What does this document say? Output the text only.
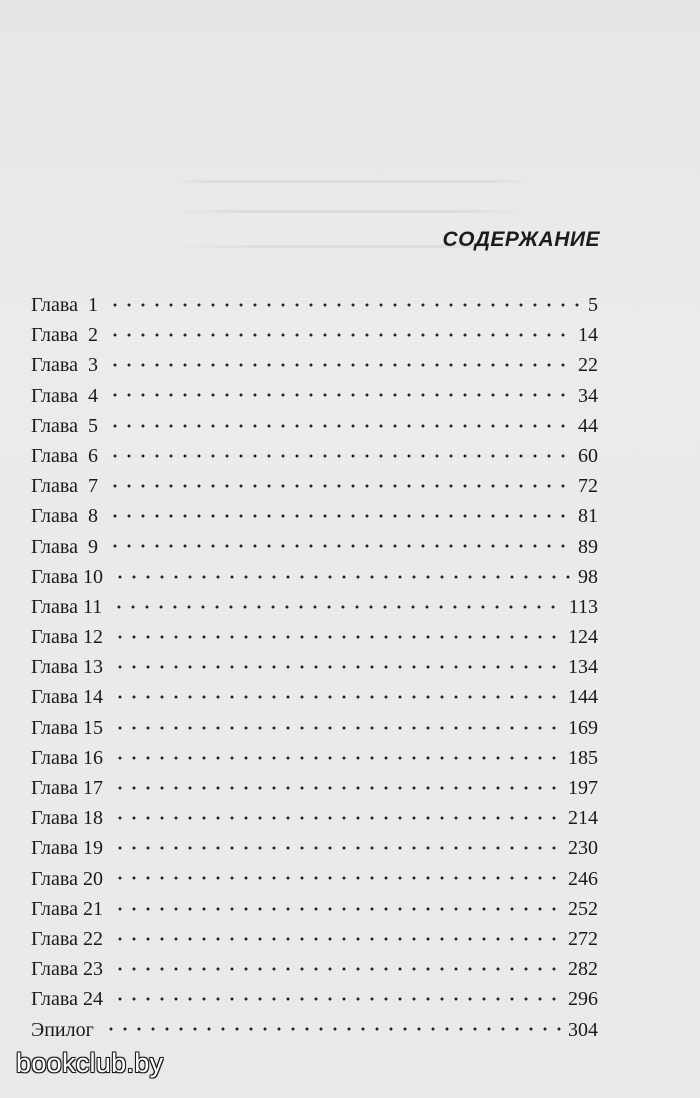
СОДЕРЖАНИЕ
Глава  1	5
Глава  2	14
Глава  3	22
Глава  4	34
Глава  5	44
Глава  6	60
Глава  7	72
Глава  8	81
Глава  9	89
Глава 10	98
Глава 11	113
Глава 12	124
Глава 13	134
Глава 14	144
Глава 15	169
Глава 16	185
Глава 17	197
Глава 18	214
Глава 19	230
Глава 20	246
Глава 21	252
Глава 22	272
Глава 23	282
Глава 24	296
Эпилог	304
bookclub.by
